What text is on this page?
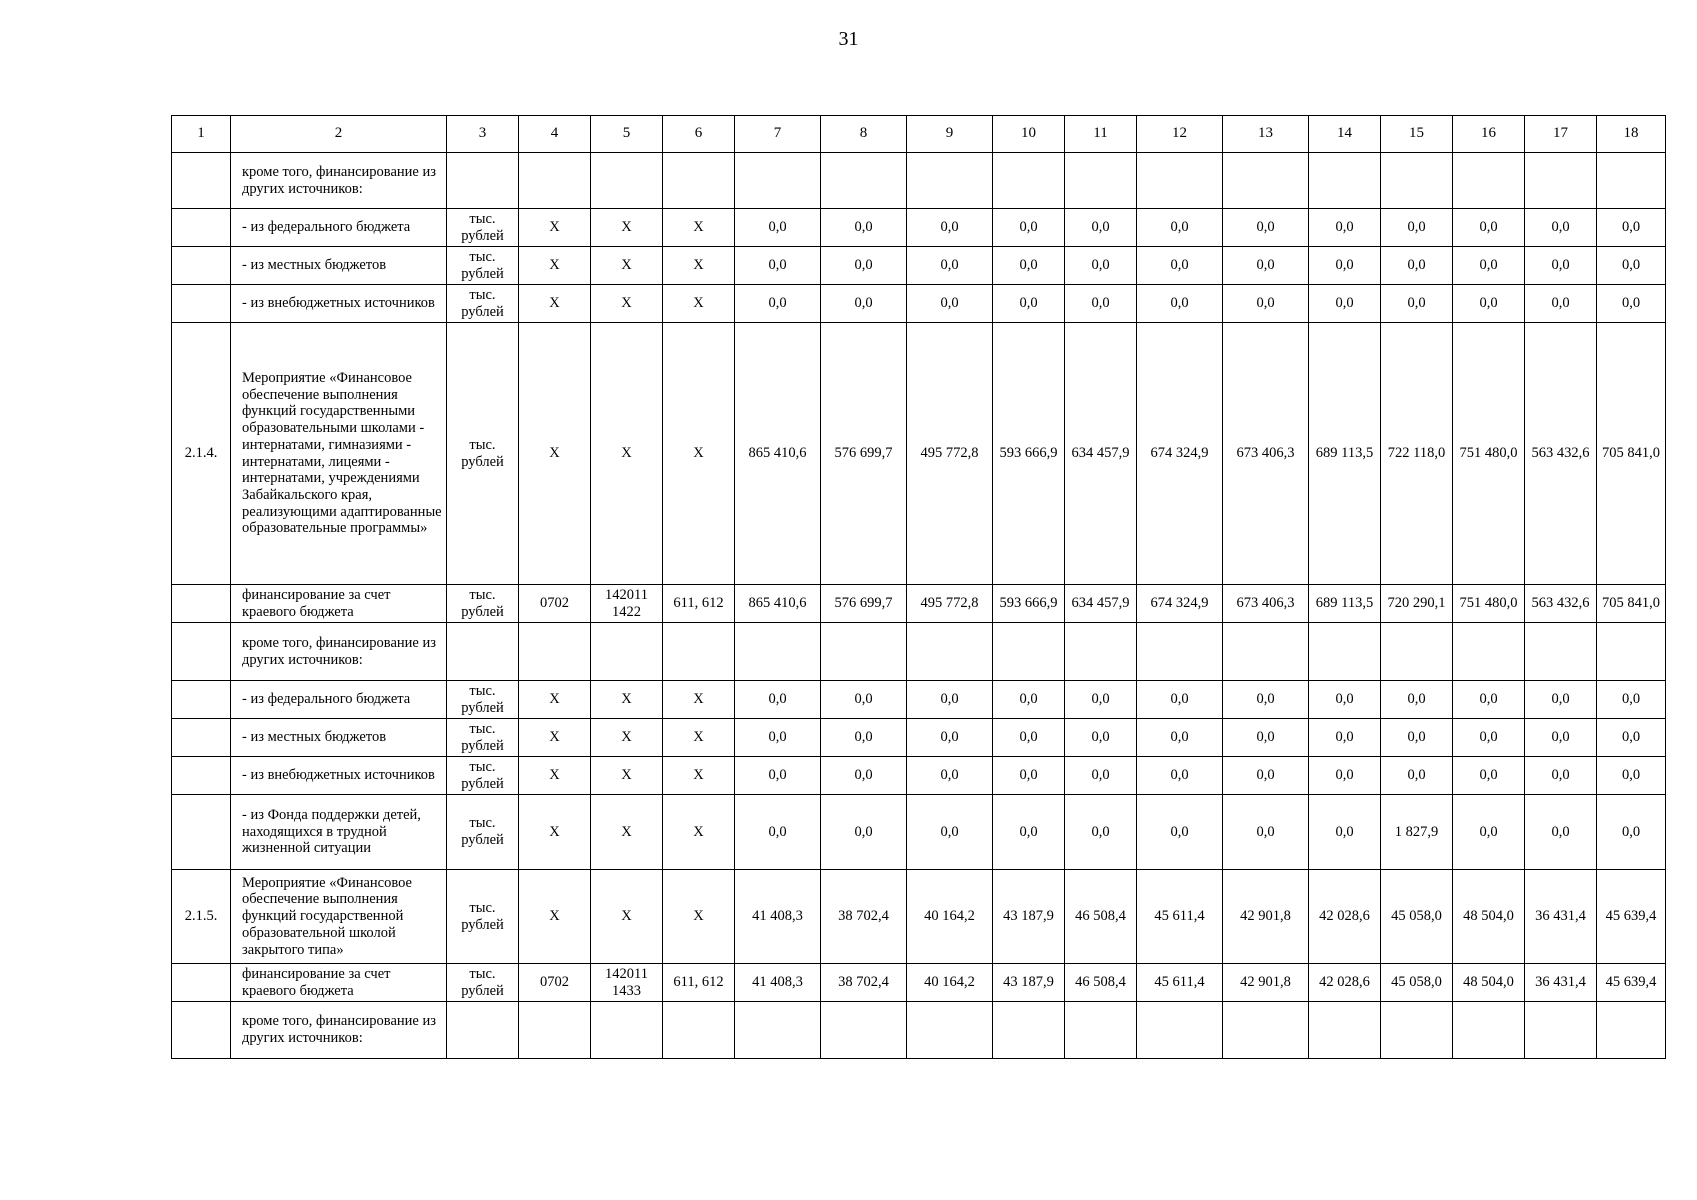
31
1	2	3	4	5	6	7	8	9	10	11	12	13	14	15	16	17	18
	кроме того, финансирование из других источников:																
	- из федерального бюджета	тыс. рублей	X	X	X	0,0	0,0	0,0	0,0	0,0	0,0	0,0	0,0	0,0	0,0	0,0	0,0
	- из местных бюджетов	тыс. рублей	X	X	X	0,0	0,0	0,0	0,0	0,0	0,0	0,0	0,0	0,0	0,0	0,0	0,0
	- из внебюджетных источников	тыс. рублей	X	X	X	0,0	0,0	0,0	0,0	0,0	0,0	0,0	0,0	0,0	0,0	0,0	0,0
2.1.4.	Мероприятие «Финансовое обеспечение выполнения функций государственными образовательными школами - интернатами, гимназиями - интернатами, лицеями - интернатами, учреждениями Забайкальского края, реализующими адаптированные образовательные программы»	тыс. рублей	X	X	X	865 410,6	576 699,7	495 772,8	593 666,9	634 457,9	674 324,9	673 406,3	689 113,5	722 118,0	751 480,0	563 432,6	705 841,0
	финансирование за счет краевого бюджета	тыс. рублей	0702	142011 1422	611, 612	865 410,6	576 699,7	495 772,8	593 666,9	634 457,9	674 324,9	673 406,3	689 113,5	720 290,1	751 480,0	563 432,6	705 841,0
	кроме того, финансирование из других источников:																
	- из федерального бюджета	тыс. рублей	X	X	X	0,0	0,0	0,0	0,0	0,0	0,0	0,0	0,0	0,0	0,0	0,0	0,0
	- из местных бюджетов	тыс. рублей	X	X	X	0,0	0,0	0,0	0,0	0,0	0,0	0,0	0,0	0,0	0,0	0,0	0,0
	- из внебюджетных источников	тыс. рублей	X	X	X	0,0	0,0	0,0	0,0	0,0	0,0	0,0	0,0	0,0	0,0	0,0	0,0
	- из Фонда поддержки детей, находящихся в трудной жизненной ситуации	тыс. рублей	X	X	X	0,0	0,0	0,0	0,0	0,0	0,0	0,0	0,0	1 827,9	0,0	0,0	0,0
2.1.5.	Мероприятие «Финансовое обеспечение выполнения функций государственной образовательной школой закрытого типа»	тыс. рублей	X	X	X	41 408,3	38 702,4	40 164,2	43 187,9	46 508,4	45 611,4	42 901,8	42 028,6	45 058,0	48 504,0	36 431,4	45 639,4
	финансирование за счет краевого бюджета	тыс. рублей	0702	142011 1433	611, 612	41 408,3	38 702,4	40 164,2	43 187,9	46 508,4	45 611,4	42 901,8	42 028,6	45 058,0	48 504,0	36 431,4	45 639,4
	кроме того, финансирование из других источников:																
